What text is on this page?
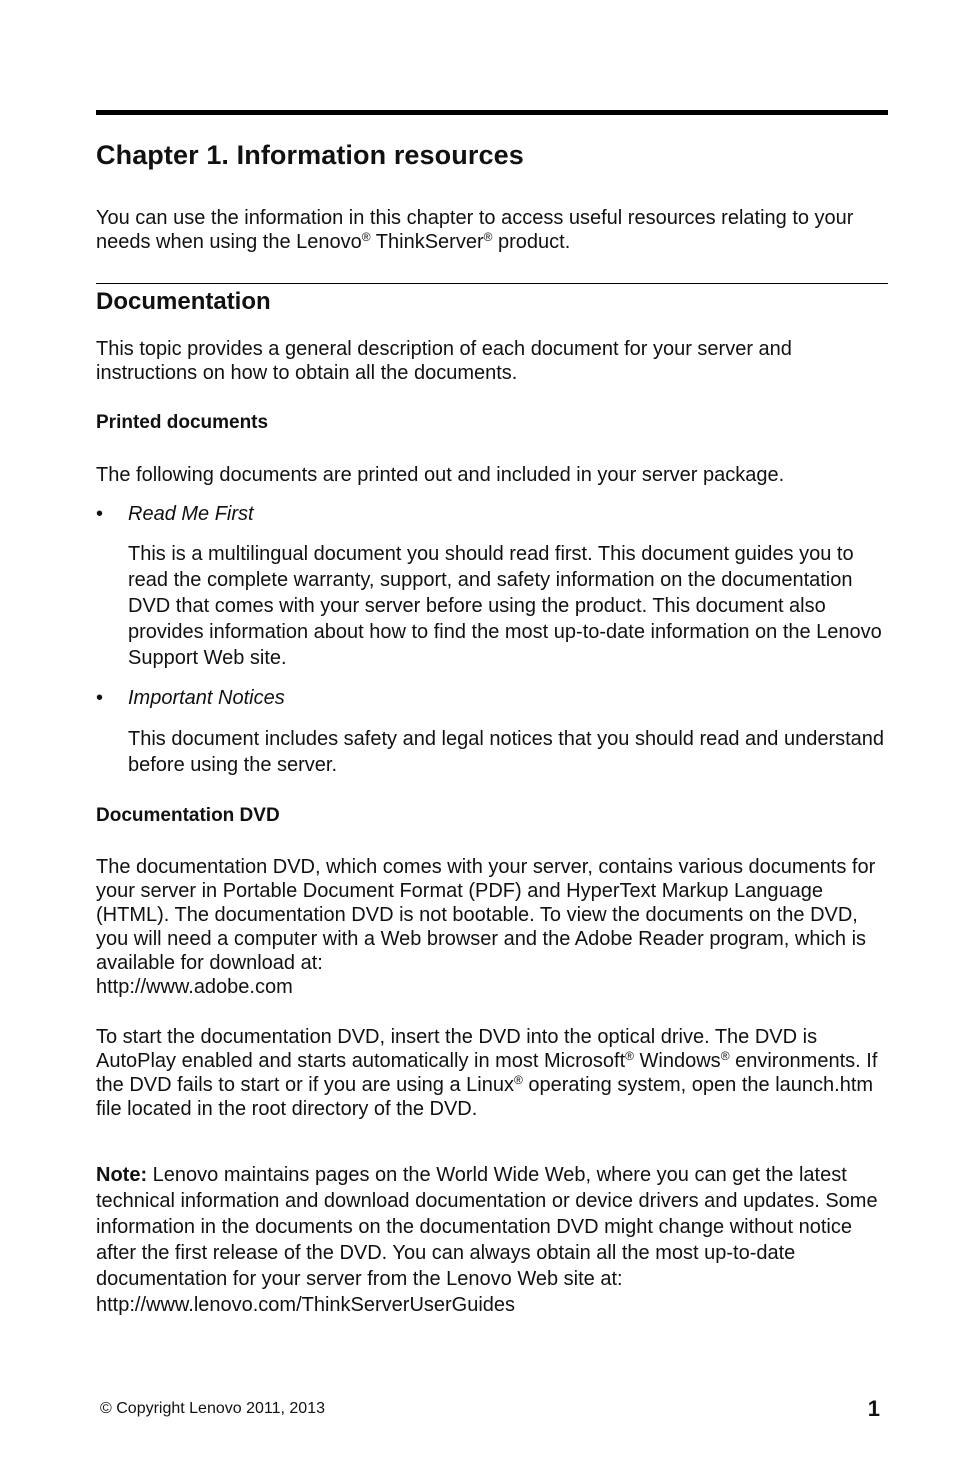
Chapter 1. Information resources

You can use the information in this chapter to access useful resources relating to your needs when using the Lenovo® ThinkServer® product.

Documentation

This topic provides a general description of each document for your server and instructions on how to obtain all the documents.

Printed documents

The following documents are printed out and included in your server package.

• Read Me First

This is a multilingual document you should read first. This document guides you to read the complete warranty, support, and safety information on the documentation DVD that comes with your server before using the product. This document also provides information about how to find the most up-to-date information on the Lenovo Support Web site.

• Important Notices

This document includes safety and legal notices that you should read and understand before using the server.

Documentation DVD

The documentation DVD, which comes with your server, contains various documents for your server in Portable Document Format (PDF) and HyperText Markup Language (HTML). The documentation DVD is not bootable. To view the documents on the DVD, you will need a computer with a Web browser and the Adobe Reader program, which is available for download at:
http://www.adobe.com

To start the documentation DVD, insert the DVD into the optical drive. The DVD is AutoPlay enabled and starts automatically in most Microsoft® Windows® environments. If the DVD fails to start or if you are using a Linux® operating system, open the launch.htm file located in the root directory of the DVD.

Note: Lenovo maintains pages on the World Wide Web, where you can get the latest technical information and download documentation or device drivers and updates. Some information in the documents on the documentation DVD might change without notice after the first release of the DVD. You can always obtain all the most up-to-date documentation for your server from the Lenovo Web site at:
http://www.lenovo.com/ThinkServerUserGuides

© Copyright Lenovo 2011, 2013	1
